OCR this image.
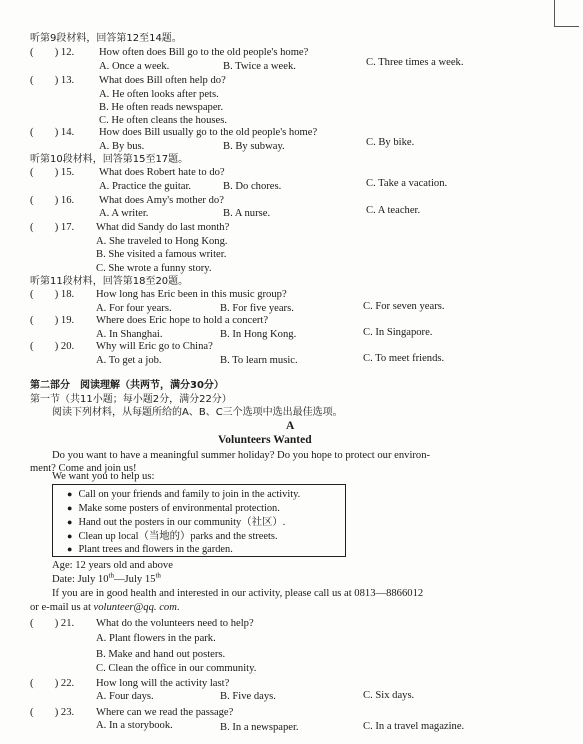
听第9段材料，回答第12至14题。
(　　) 12. How often does Bill go to the old people's home?
A. Once a week.	B. Twice a week.	C. Three times a week.
(　　) 13. What does Bill often help do?
A. He often looks after pets.
B. He often reads newspaper.
C. He often cleans the houses.
(　　) 14. How does Bill usually go to the old people's home?
A. By bus.	B. By subway.	C. By bike.
听第10段材料，回答第15至17题。
(　　) 15. What does Robert hate to do?
A. Practice the guitar.	B. Do chores.	C. Take a vacation.
(　　) 16. What does Amy's mother do?
A. A writer.	B. A nurse.	C. A teacher.
(　　) 17. What did Sandy do last month?
A. She traveled to Hong Kong.
B. She visited a famous writer.
C. She wrote a funny story.
听第11段材料，回答第18至20题。
(　　) 18. How long has Eric been in this music group?
A. For four years.	B. For five years.	C. For seven years.
(　　) 19. Where does Eric hope to hold a concert?
A. In Shanghai.	B. In Hong Kong.	C. In Singapore.
(　　) 20. Why will Eric go to China?
A. To get a job.	B. To learn music.	C. To meet friends.
第二部分　阅读理解（共两节，满分30分）
第一节（共11小题；每小题2分，满分22分）
阅读下列材料，从每题所给的A、B、C三个选项中选出最佳选项。
A
Volunteers Wanted
Do you want to have a meaningful summer holiday? Do you hope to protect our environ-
ment? Come and join us!
We want you to help us:
● Call on your friends and family to join in the activity.
● Make some posters of environmental protection.
● Hand out the posters in our community（社区）.
● Clean up local（当地的）parks and the streets.
● Plant trees and flowers in the garden.
Age: 12 years old and above
Date: July 10th—July 15th
If you are in good health and interested in our activity, please call us at 0813—8866012
or e-mail us at volunteer@qq. com.
(　　) 21. What do the volunteers need to help?
A. Plant flowers in the park.
B. Make and hand out posters.
C. Clean the office in our community.
(　　) 22. How long will the activity last?
A. Four days.	B. Five days.	C. Six days.
(　　) 23. Where can we read the passage?
A. In a storybook.	B. In a newspaper.	C. In a travel magazine.
